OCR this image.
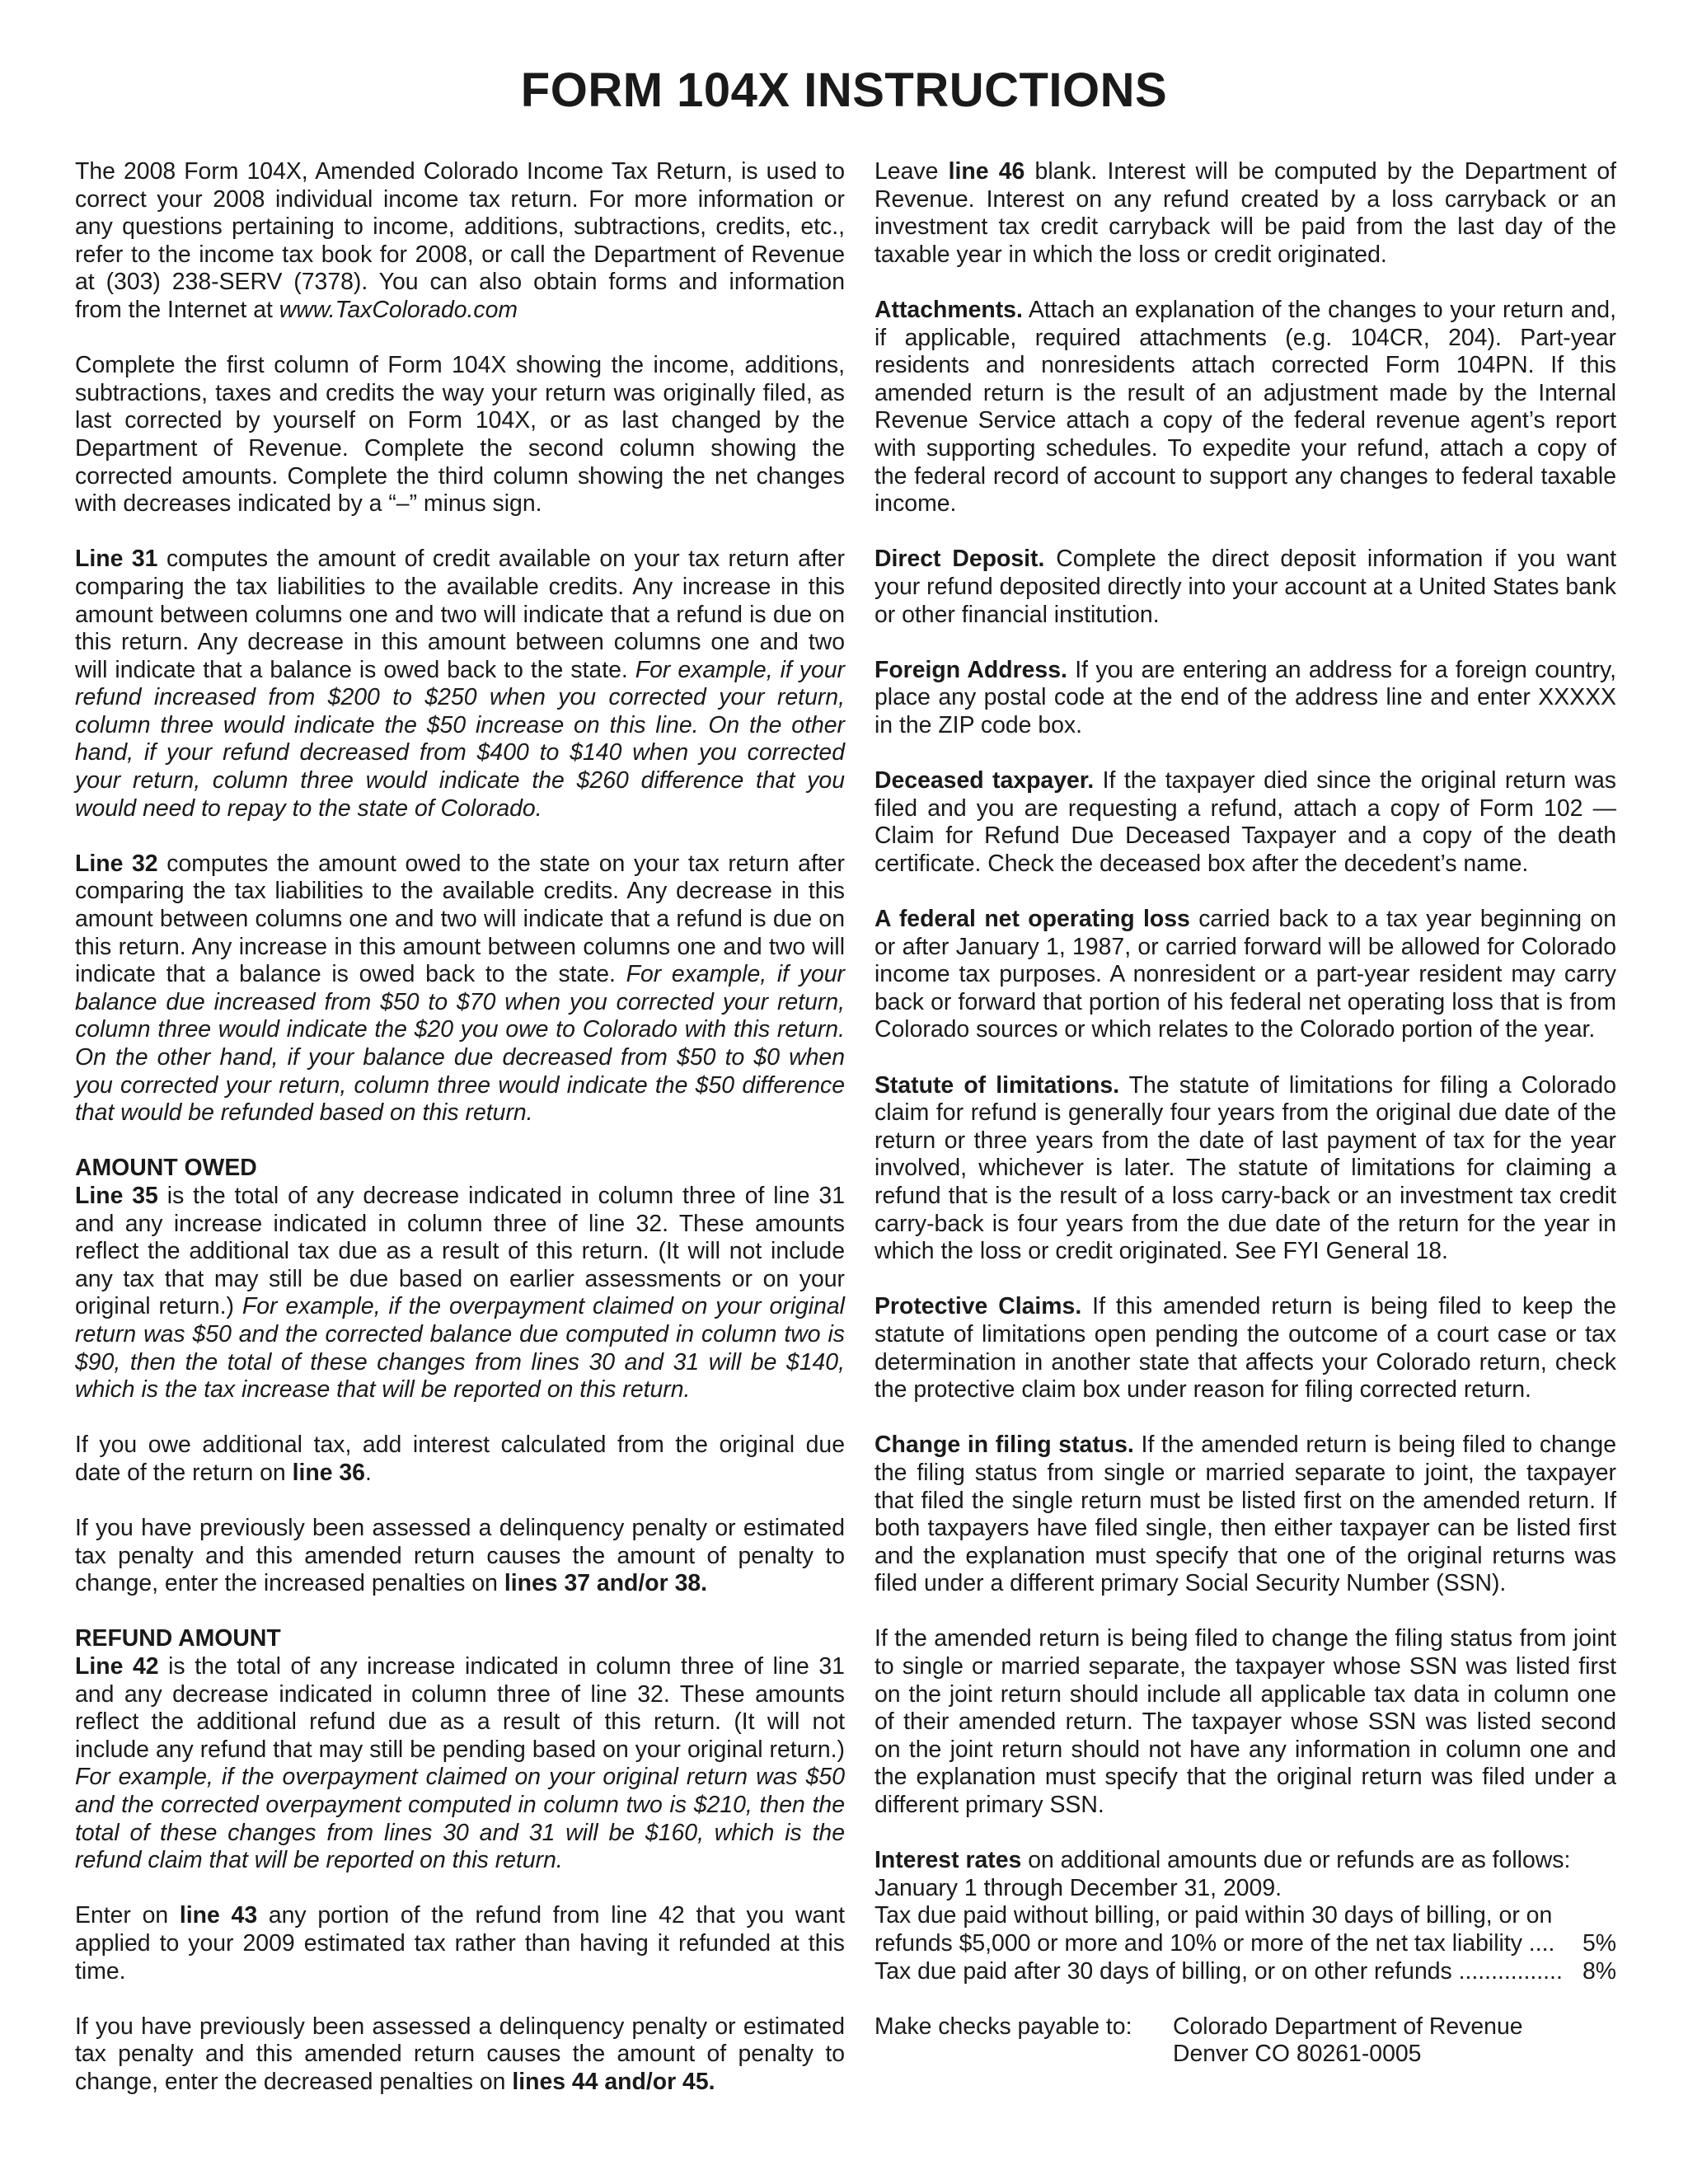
FORM 104X INSTRUCTIONS

The 2008 Form 104X, Amended Colorado Income Tax Return, is used to correct your 2008 individual income tax return. For more information or any questions pertaining to income, additions, subtractions, credits, etc., refer to the income tax book for 2008, or call the Department of Revenue at (303) 238-SERV (7378). You can also obtain forms and information from the Internet at www.TaxColorado.com

Complete the first column of Form 104X showing the income, additions, subtractions, taxes and credits the way your return was originally filed, as last corrected by yourself on Form 104X, or as last changed by the Department of Revenue. Complete the second column showing the corrected amounts. Complete the third column showing the net changes with decreases indicated by a “–” minus sign.

Line 31 computes the amount of credit available on your tax return after comparing the tax liabilities to the available credits. Any increase in this amount between columns one and two will indicate that a refund is due on this return. Any decrease in this amount between columns one and two will indicate that a balance is owed back to the state. For example, if your refund increased from $200 to $250 when you corrected your return, column three would indicate the $50 increase on this line. On the other hand, if your refund decreased from $400 to $140 when you corrected your return, column three would indicate the $260 difference that you would need to repay to the state of Colorado.

Line 32 computes the amount owed to the state on your tax return after comparing the tax liabilities to the available credits. Any decrease in this amount between columns one and two will indicate that a refund is due on this return. Any increase in this amount between columns one and two will indicate that a balance is owed back to the state. For example, if your balance due increased from $50 to $70 when you corrected your return, column three would indicate the $20 you owe to Colorado with this return. On the other hand, if your balance due decreased from $50 to $0 when you corrected your return, column three would indicate the $50 difference that would be refunded based on this return.

AMOUNT OWED

Line 35 is the total of any decrease indicated in column three of line 31 and any increase indicated in column three of line 32. These amounts reflect the additional tax due as a result of this return. (It will not include any tax that may still be due based on earlier assessments or on your original return.) For example, if the overpayment claimed on your original return was $50 and the corrected balance due computed in column two is $90, then the total of these changes from lines 30 and 31 will be $140, which is the tax increase that will be reported on this return.

If you owe additional tax, add interest calculated from the original due date of the return on line 36.

If you have previously been assessed a delinquency penalty or estimated tax penalty and this amended return causes the amount of penalty to change, enter the increased penalties on lines 37 and/or 38.

REFUND AMOUNT

Line 42 is the total of any increase indicated in column three of line 31 and any decrease indicated in column three of line 32. These amounts reflect the additional refund due as a result of this return. (It will not include any refund that may still be pending based on your original return.) For example, if the overpayment claimed on your original return was $50 and the corrected overpayment computed in column two is $210, then the total of these changes from lines 30 and 31 will be $160, which is the refund claim that will be reported on this return.

Enter on line 43 any portion of the refund from line 42 that you want applied to your 2009 estimated tax rather than having it refunded at this time.

If you have previously been assessed a delinquency penalty or estimated tax penalty and this amended return causes the amount of penalty to change, enter the decreased penalties on lines 44 and/or 45.

Leave line 46 blank. Interest will be computed by the Department of Revenue. Interest on any refund created by a loss carryback or an investment tax credit carryback will be paid from the last day of the taxable year in which the loss or credit originated.

Attachments. Attach an explanation of the changes to your return and, if applicable, required attachments (e.g. 104CR, 204). Part-year residents and nonresidents attach corrected Form 104PN. If this amended return is the result of an adjustment made by the Internal Revenue Service attach a copy of the federal revenue agent’s report with supporting schedules. To expedite your refund, attach a copy of the federal record of account to support any changes to federal taxable income.

Direct Deposit. Complete the direct deposit information if you want your refund deposited directly into your account at a United States bank or other financial institution.

Foreign Address. If you are entering an address for a foreign country, place any postal code at the end of the address line and enter XXXXX in the ZIP code box.

Deceased taxpayer. If the taxpayer died since the original return was filed and you are requesting a refund, attach a copy of Form 102 — Claim for Refund Due Deceased Taxpayer and a copy of the death certificate. Check the deceased box after the decedent’s name.

A federal net operating loss carried back to a tax year beginning on or after January 1, 1987, or carried forward will be allowed for Colorado income tax purposes. A nonresident or a part-year resident may carry back or forward that portion of his federal net operating loss that is from Colorado sources or which relates to the Colorado portion of the year.

Statute of limitations. The statute of limitations for filing a Colorado claim for refund is generally four years from the original due date of the return or three years from the date of last payment of tax for the year involved, whichever is later. The statute of limitations for claiming a refund that is the result of a loss carry-back or an investment tax credit carry-back is four years from the due date of the return for the year in which the loss or credit originated. See FYI General 18.

Protective Claims. If this amended return is being filed to keep the statute of limitations open pending the outcome of a court case or tax determination in another state that affects your Colorado return, check the protective claim box under reason for filing corrected return.

Change in filing status. If the amended return is being filed to change the filing status from single or married separate to joint, the taxpayer that filed the single return must be listed first on the amended return. If both taxpayers have filed single, then either taxpayer can be listed first and the explanation must specify that one of the original returns was filed under a different primary Social Security Number (SSN).

If the amended return is being filed to change the filing status from joint to single or married separate, the taxpayer whose SSN was listed first on the joint return should include all applicable tax data in column one of their amended return. The taxpayer whose SSN was listed second on the joint return should not have any information in column one and the explanation must specify that the original return was filed under a different primary SSN.

Interest rates on additional amounts due or refunds are as follows:
January 1 through December 31, 2009.
Tax due paid without billing, or paid within 30 days of billing, or on

refunds $5,000 or more and 10% or more of the net tax liability .... 5%
Tax due paid after 30 days of billing, or on other refunds ................ 8%

Make checks payable to:	Colorado Department of Revenue
Denver CO 80261-0005
